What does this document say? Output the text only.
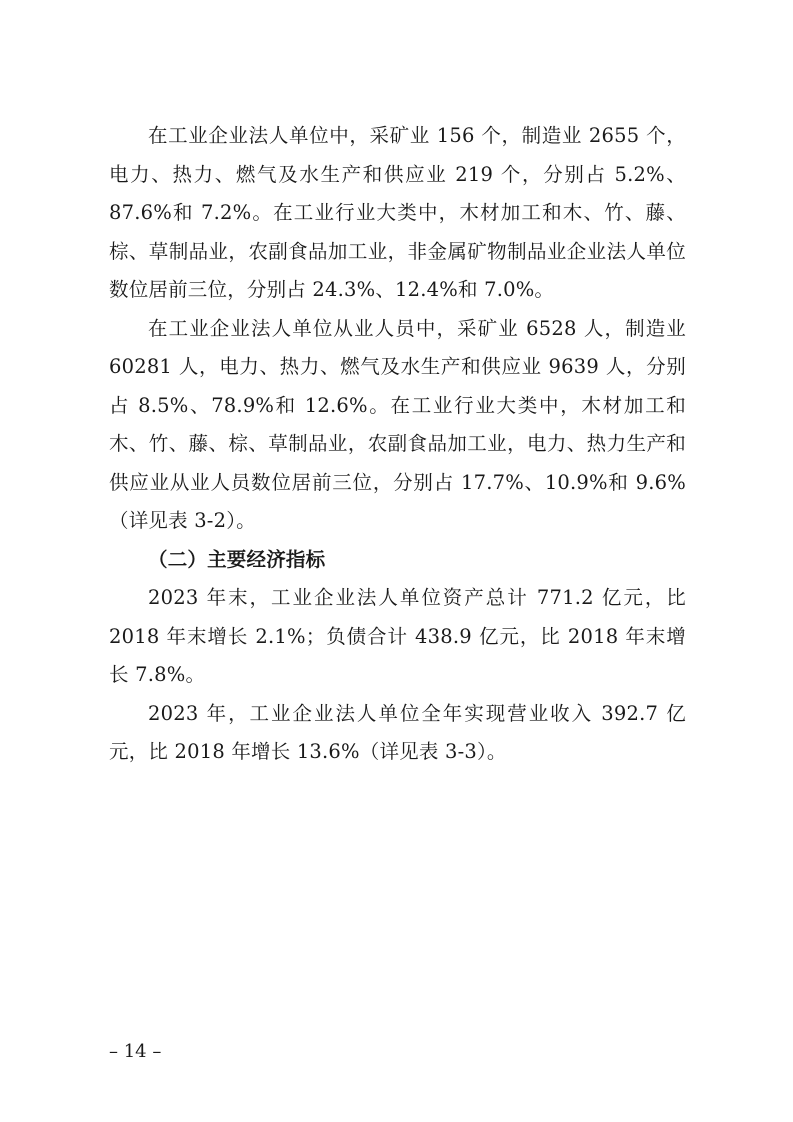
在工业企业法人单位中，采矿业 156 个，制造业 2655 个，电力、热力、燃气及水生产和供应业 219 个，分别占 5.2%、87.6%和 7.2%。在工业行业大类中，木材加工和木、竹、藤、棕、草制品业，农副食品加工业，非金属矿物制品业企业法人单位数位居前三位，分别占 24.3%、12.4%和 7.0%。

在工业企业法人单位从业人员中，采矿业 6528 人，制造业 60281 人，电力、热力、燃气及水生产和供应业 9639 人，分别占 8.5%、78.9%和 12.6%。在工业行业大类中，木材加工和木、竹、藤、棕、草制品业，农副食品加工业，电力、热力生产和供应业从业人员数位居前三位，分别占 17.7%、10.9%和 9.6%（详见表 3-2）。

（二）主要经济指标

2023 年末，工业企业法人单位资产总计 771.2 亿元，比 2018 年末增长 2.1%；负债合计 438.9 亿元，比 2018 年末增长 7.8%。

2023 年，工业企业法人单位全年实现营业收入 392.7 亿元，比 2018 年增长 13.6%（详见表 3-3）。

– 14 –
